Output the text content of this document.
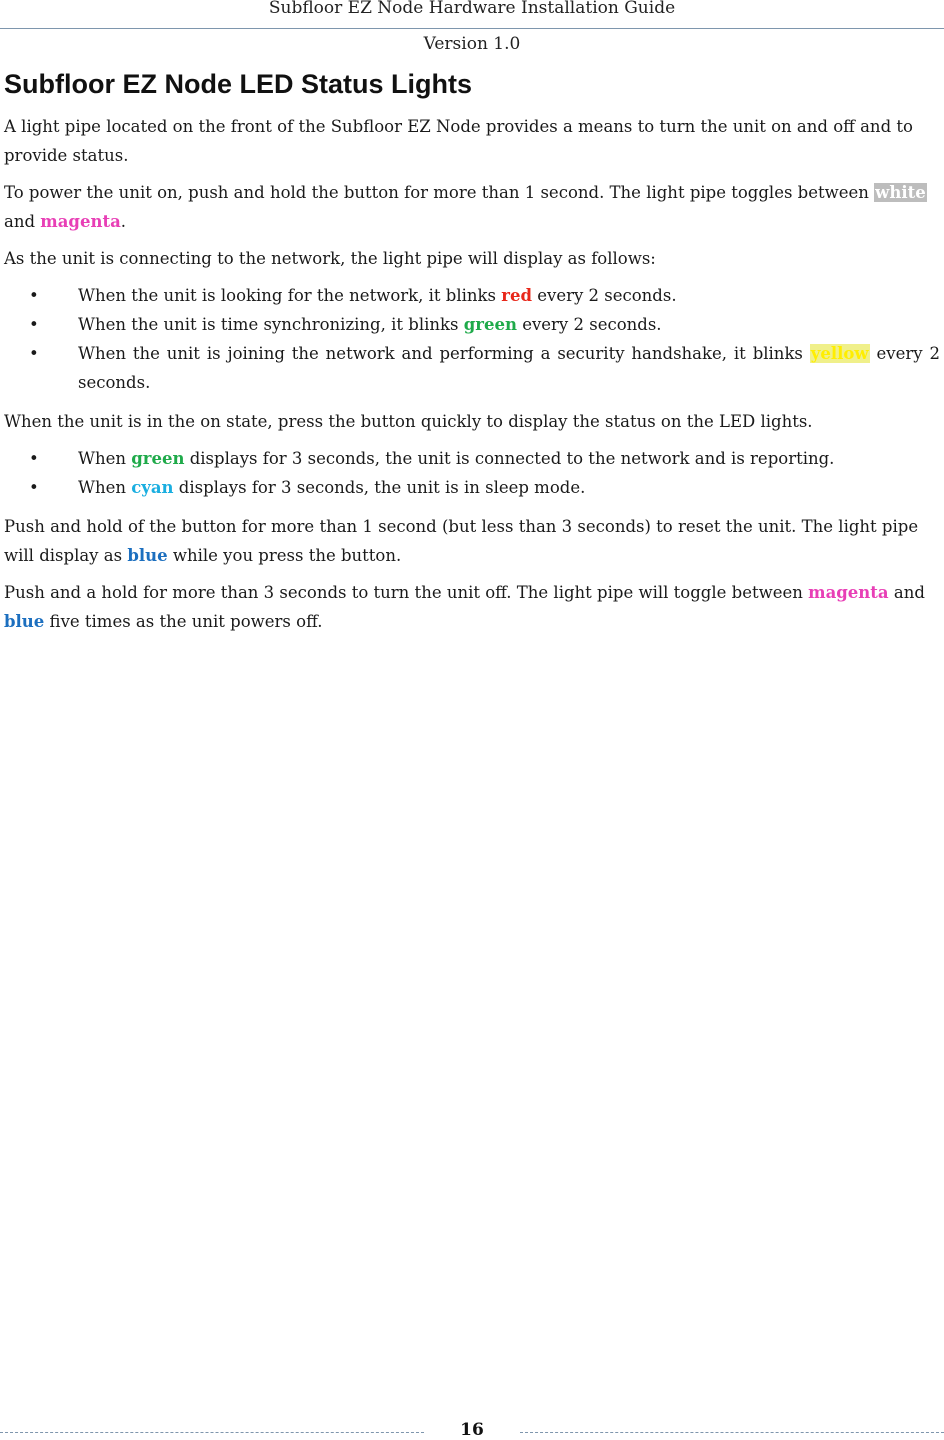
Subfloor EZ Node Hardware Installation Guide
Version 1.0
Subfloor EZ Node LED Status Lights

A light pipe located on the front of the Subfloor EZ Node provides a means to turn the unit on and off and to provide status.

To power the unit on, push and hold the button for more than 1 second. The light pipe toggles between white and magenta.

As the unit is connecting to the network, the light pipe will display as follows:

• When the unit is looking for the network, it blinks red every 2 seconds.
• When the unit is time synchronizing, it blinks green every 2 seconds.
• When the unit is joining the network and performing a security handshake, it blinks yellow every 2 seconds.

When the unit is in the on state, press the button quickly to display the status on the LED lights.

• When green displays for 3 seconds, the unit is connected to the network and is reporting.
• When cyan displays for 3 seconds, the unit is in sleep mode.

Push and hold of the button for more than 1 second (but less than 3 seconds) to reset the unit. The light pipe will display as blue while you press the button.

Push and a hold for more than 3 seconds to turn the unit off. The light pipe will toggle between magenta and blue five times as the unit powers off.

16
